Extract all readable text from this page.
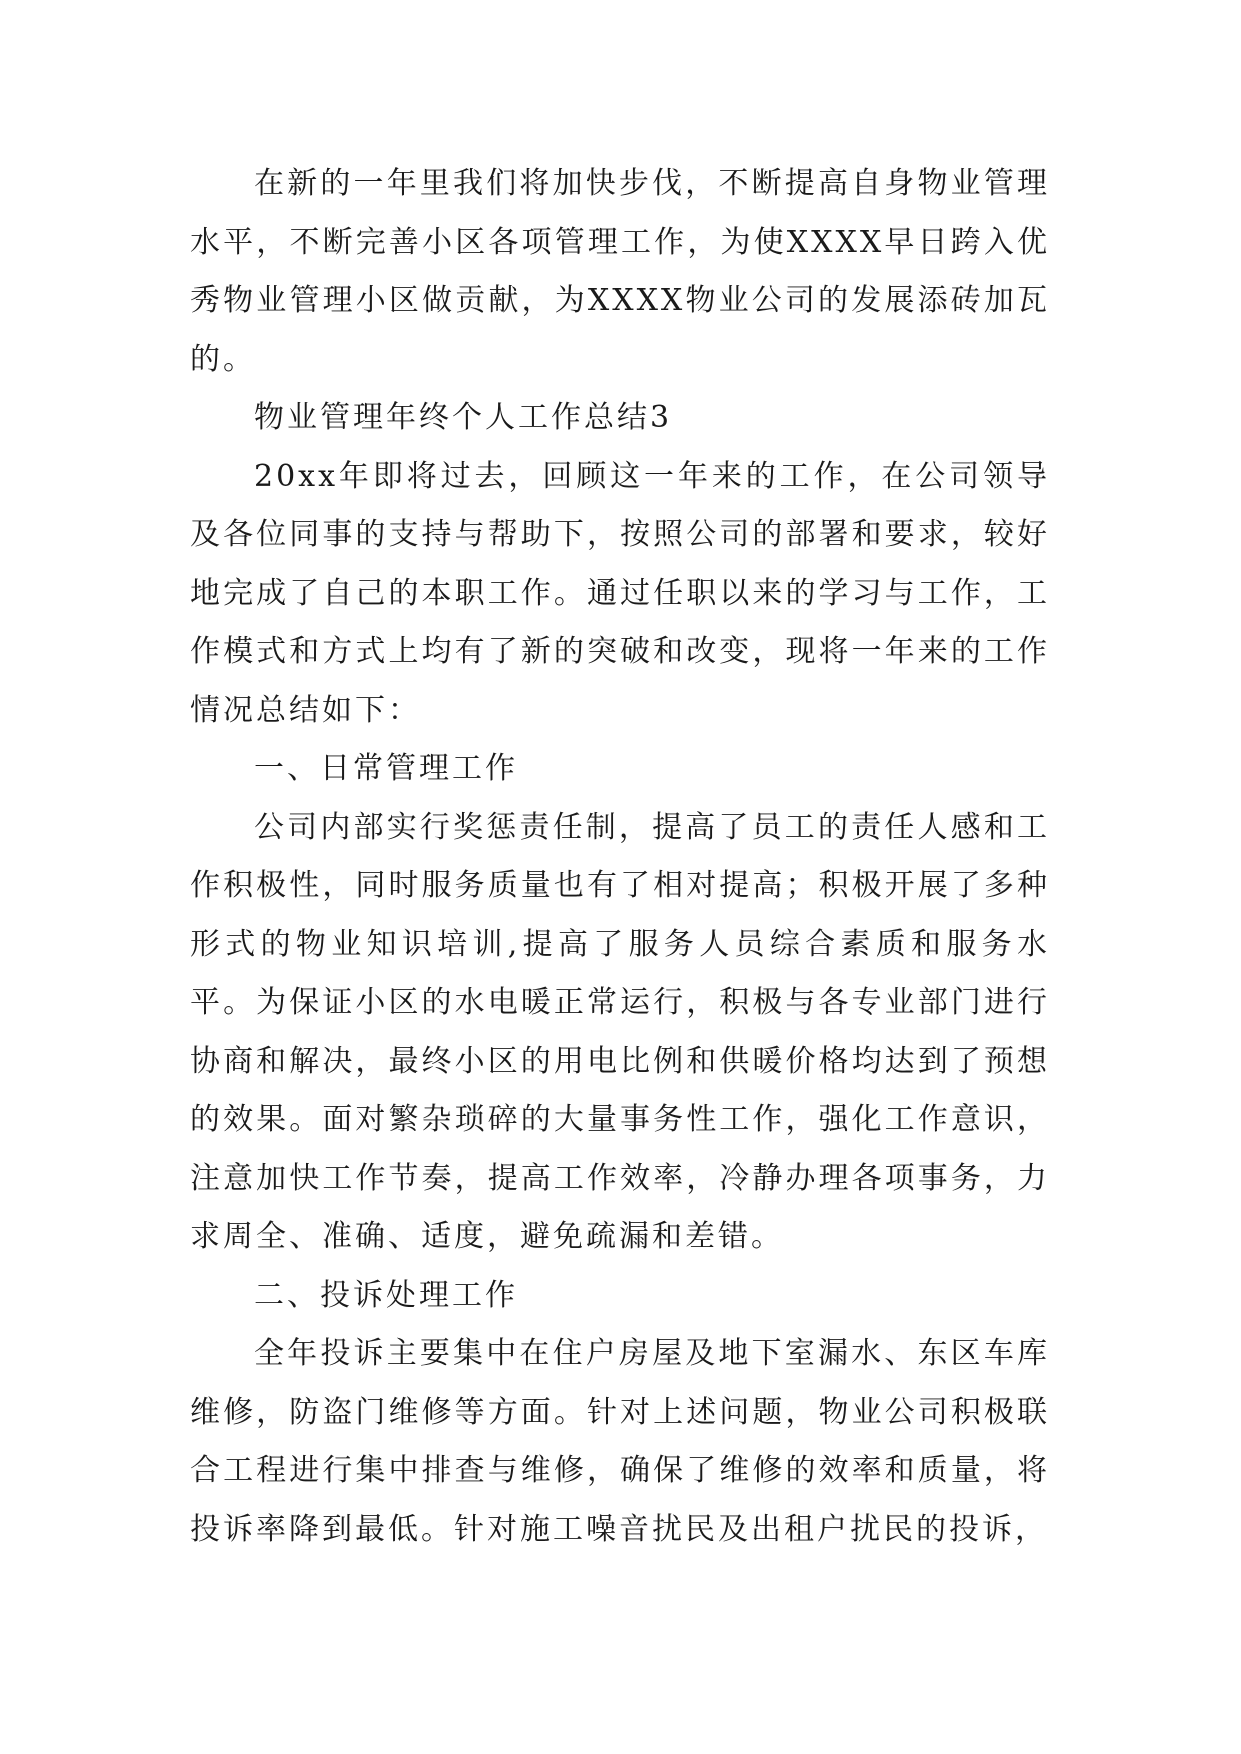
在新的一年里我们将加快步伐，不断提高自身物业管理水平，不断完善小区各项管理工作，为使XXXX早日跨入优秀物业管理小区做贡献，为XXXX物业公司的发展添砖加瓦的。

物业管理年终个人工作总结3

20xx年即将过去，回顾这一年来的工作，在公司领导及各位同事的支持与帮助下，按照公司的部署和要求，较好地完成了自己的本职工作。通过任职以来的学习与工作，工作模式和方式上均有了新的突破和改变，现将一年来的工作情况总结如下：

一、日常管理工作

公司内部实行奖惩责任制，提高了员工的责任人感和工作积极性，同时服务质量也有了相对提高；积极开展了多种形式的物业知识培训,提高了服务人员综合素质和服务水平。为保证小区的水电暖正常运行，积极与各专业部门进行协商和解决，最终小区的用电比例和供暖价格均达到了预想的效果。面对繁杂琐碎的大量事务性工作，强化工作意识，注意加快工作节奏，提高工作效率，冷静办理各项事务，力求周全、准确、适度，避免疏漏和差错。

二、投诉处理工作

全年投诉主要集中在住户房屋及地下室漏水、东区车库维修，防盗门维修等方面。针对上述问题，物业公司积极联合工程进行集中排查与维修，确保了维修的效率和质量，将投诉率降到最低。针对施工噪音扰民及出租户扰民的投诉，
